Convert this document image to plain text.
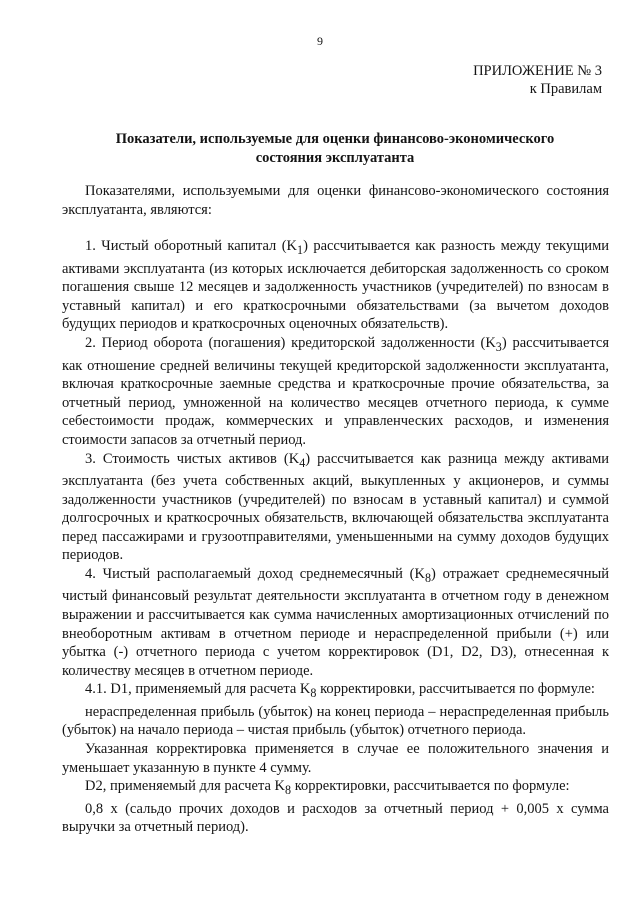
9
ПРИЛОЖЕНИЕ № 3
к Правилам
Показатели, используемые для оценки финансово-экономического
состояния эксплуатанта

Показателями, используемыми для оценки финансово-экономического состояния эксплуатанта, являются:

1. Чистый оборотный капитал $(K_1)$ рассчитывается как разность между текущими активами эксплуатанта (из которых исключается дебиторская задолженность со сроком погашения свыше 12 месяцев и задолженность участников (учредителей) по взносам в уставный капитал) и его краткосрочными обязательствами (за вычетом доходов будущих периодов и краткосрочных оценочных обязательств).

2. Период оборота (погашения) кредиторской задолженности $(K_3)$ рассчитывается как отношение средней величины текущей кредиторской задолженности эксплуатанта, включая краткосрочные заемные средства и краткосрочные прочие обязательства, за отчетный период, умноженной на количество месяцев отчетного периода, к сумме себестоимости продаж, коммерческих и управленческих расходов, и изменения стоимости запасов за отчетный период.

3. Стоимость чистых активов $(K_4)$ рассчитывается как разница между активами эксплуатанта (без учета собственных акций, выкупленных у акционеров, и суммы задолженности участников (учредителей) по взносам в уставный капитал) и суммой долгосрочных и краткосрочных обязательств, включающей обязательства эксплуатанта перед пассажирами и грузоотправителями, уменьшенными на сумму доходов будущих периодов.

4. Чистый располагаемый доход среднемесячный $(K_8)$ отражает среднемесячный чистый финансовый результат деятельности эксплуатанта в отчетном году в денежном выражении и рассчитывается как сумма начисленных амортизационных отчислений по внеоборотным активам в отчетном периоде и нераспределенной прибыли (+) или убытка (-) отчетного периода с учетом корректировок (D1, D2, D3), отнесенная к количеству месяцев в отчетном периоде.

4.1. D1, применяемый для расчета $K_8$ корректировки, рассчитывается по формуле:

нераспределенная прибыль (убыток) на конец периода – нераспределенная прибыль (убыток) на начало периода – чистая прибыль (убыток) отчетного периода.

Указанная корректировка применяется в случае ее положительного значения и уменьшает указанную в пункте 4 сумму.

D2, применяемый для расчета $K_8$ корректировки, рассчитывается по формуле:

0,8 х (сальдо прочих доходов и расходов за отчетный период + 0,005 х сумма выручки за отчетный период).
